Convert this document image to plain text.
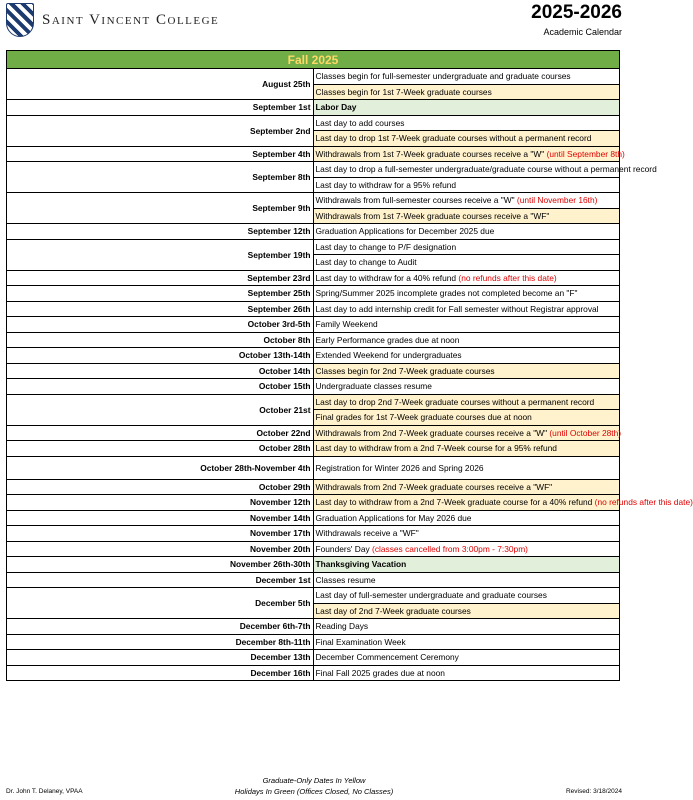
Saint Vincent College	2025-2026
Academic Calendar
Fall 2025	
August 25th	Classes begin for full-semester undergraduate and graduate courses
	Classes begin for 1st 7-Week graduate courses
September 1st	Labor Day
September 2nd	Last day to add courses
	Last day to drop 1st 7-Week graduate courses without a permanent record
September 4th	Withdrawals from 1st 7-Week graduate courses receive a "W" (until September 8th)
September 8th	Last day to drop a full-semester undergraduate/graduate course without a permanent record
	Last day to withdraw for a 95% refund
September 9th	Withdrawals from full-semester courses receive a "W" (until November 16th)
	Withdrawals from 1st 7-Week graduate courses receive a "WF"
September 12th	Graduation Applications for December 2025 due
September 19th	Last day to change to P/F designation
	Last day to change to Audit
September 23rd	Last day to withdraw for a 40% refund (no refunds after this date)
September 25th	Spring/Summer 2025 incomplete grades not completed become an "F"
September 26th	Last day to add internship credit for Fall semester without Registrar approval
October 3rd-5th	Family Weekend
October 8th	Early Performance grades due at noon
October 13th-14th	Extended Weekend for undergraduates
October 14th	Classes begin for 2nd 7-Week graduate courses
October 15th	Undergraduate classes resume
October 21st	Last day to drop 2nd 7-Week graduate courses without a permanent record
	Final grades for 1st 7-Week graduate courses due at noon
October 22nd	Withdrawals from 2nd 7-Week graduate courses receive a "W" (until October 28th)
October 28th	Last day to withdraw from a 2nd 7-Week course for a 95% refund
October 28th-November 4th	Registration for Winter 2026 and Spring 2026
October 29th	Withdrawals from 2nd 7-Week graduate courses receive a "WF"
November 12th	Last day to withdraw from a 2nd 7-Week graduate course for a 40% refund (no refunds after this date)
November 14th	Graduation Applications for May 2026 due
November 17th	Withdrawals receive a "WF"
November 20th	Founders' Day (classes cancelled from 3:00pm - 7:30pm)
November 26th-30th	Thanksgiving Vacation
December 1st	Classes resume
December 5th	Last day of full-semester undergraduate and graduate courses
	Last day of 2nd 7-Week graduate courses
December 6th-7th	Reading Days
December 8th-11th	Final Examination Week
December 13th	December Commencement Ceremony
December 16th	Final Fall 2025 grades due at noon
Dr. John T. Delaney, VPAA
Graduate-Only Dates In Yellow
Holidays In Green (Offices Closed, No Classes)	Revised: 3/18/2024
